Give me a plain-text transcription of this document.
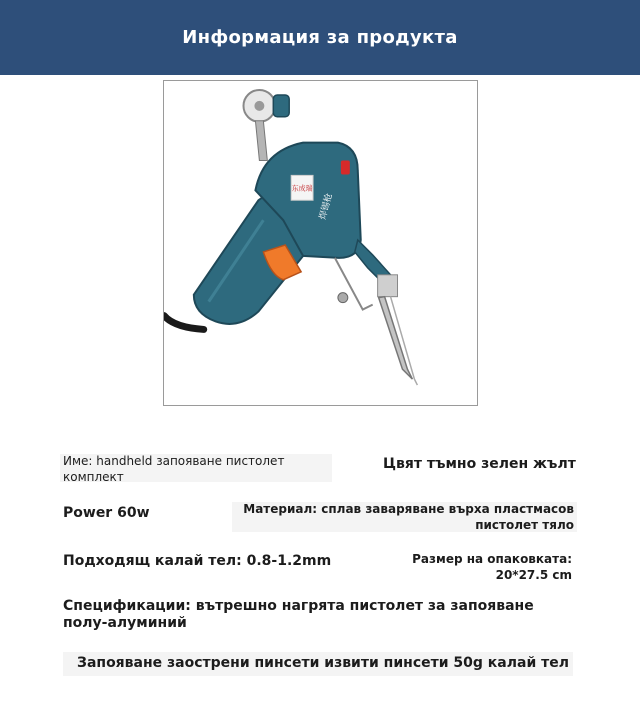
Информация за продукта
东成瑞
焊锡枪
Име: handheld запояване пистолет комплект
Цвят тъмно зелен жълт
Power 60w	Материал: сплав заваряване върха пластмасов пистолет тяло
Подходящ калай тел: 0.8-1.2mm	Размер на опаковката: 20*27.5 cm
Спецификации: вътрешно нагрята пистолет за запояване полу-алуминий
Запояване заострени пинсети извити пинсети 50g калай тел
